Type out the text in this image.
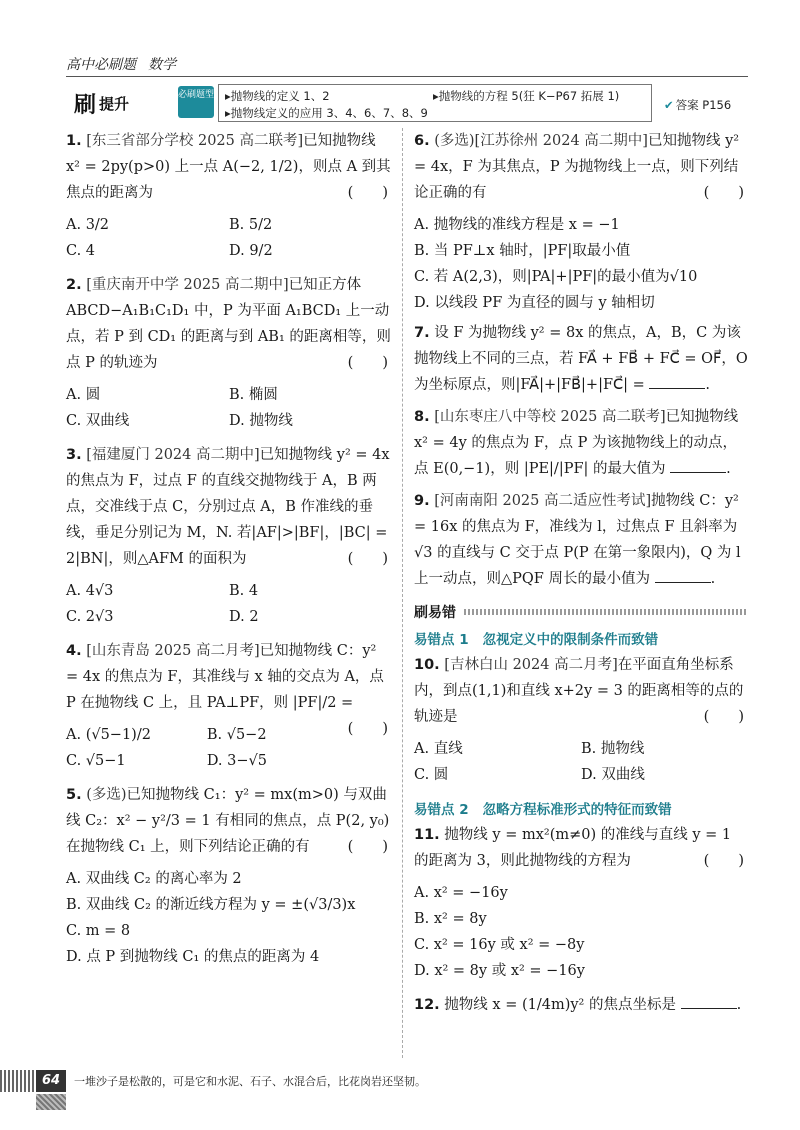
高中必刷题 数学
刷 提升	必刷题型 ▸抛物线的定义 1、2	▸抛物线的方程 5(狂 K−P67 拓展 1)
▸抛物线定义的应用 3、4、6、7、8、9
✔ 答案 P156
1. [东三省部分学校 2025 高二联考]已知抛物线 x² = 2py(p>0) 上一点 A(−2, 1/2)，则点 A 到其焦点的距离为	(　　)
A. 3/2	B. 5/2
C. 4	D. 9/2
2. [重庆南开中学 2025 高二期中]已知正方体 ABCD−A₁B₁C₁D₁ 中，P 为平面 A₁BCD₁ 上一动点，若 P 到 CD₁ 的距离与到 AB₁ 的距离相等，则点 P 的轨迹为	(　　)
A. 圆	B. 椭圆
C. 双曲线	D. 抛物线
3. [福建厦门 2024 高二期中]已知抛物线 y² = 4x 的焦点为 F，过点 F 的直线交抛物线于 A，B 两点，交准线于点 C，分别过点 A，B 作准线的垂线，垂足分别记为 M，N. 若|AF|>|BF|，|BC| = 2|BN|，则△AFM 的面积为	(　　)
A. 4√3	B. 4
C. 2√3	D. 2
4. [山东青岛 2025 高二月考]已知抛物线 C：y² = 4x 的焦点为 F，其准线与 x 轴的交点为 A，点 P 在抛物线 C 上，且 PA⊥PF，则 |PF|/2 =
(　　)
A. (√5−1)/2	B. √5−2
C. √5−1	D. 3−√5
5. (多选)已知抛物线 C₁：y² = mx(m>0) 与双曲线 C₂：x² − y²/3 = 1 有相同的焦点，点 P(2, y₀) 在抛物线 C₁ 上，则下列结论正确的有	(　　)
A. 双曲线 C₂ 的离心率为 2
B. 双曲线 C₂ 的渐近线方程为 y = ±(√3/3)x
C. m = 8
D. 点 P 到抛物线 C₁ 的焦点的距离为 4
6. (多选)[江苏徐州 2024 高二期中]已知抛物线 y² = 4x，F 为其焦点，P 为抛物线上一点，则下列结论正确的有	(　　)
A. 抛物线的准线方程是 x = −1
B. 当 PF⊥x 轴时，|PF|取最小值
C. 若 A(2,3)，则|PA|+|PF|的最小值为√10
D. 以线段 PF 为直径的圆与 y 轴相切
7. 设 F 为抛物线 y² = 8x 的焦点，A，B，C 为该抛物线上不同的三点，若 FA⃗ + FB⃗ + FC⃗ = OF⃗，O 为坐标原点，则|FA⃗|+|FB⃗|+|FC⃗| =	.
8. [山东枣庄八中等校 2025 高二联考]已知抛物线 x² = 4y 的焦点为 F，点 P 为该抛物线上的动点，点 E(0,−1)，则 |PE|/|PF| 的最大值为	.
9. [河南南阳 2025 高二适应性考试]抛物线 C：y² = 16x 的焦点为 F，准线为 l，过焦点 F 且斜率为√3 的直线与 C 交于点 P(P 在第一象限内)，Q 为 l 上一动点，则△PQF 周长的最小值为	.
刷易错
易错点 1 忽视定义中的限制条件而致错
10. [吉林白山 2024 高二月考]在平面直角坐标系内，到点(1,1)和直线 x+2y = 3 的距离相等的点的轨迹是	(　　)
A. 直线	B. 抛物线
C. 圆	D. 双曲线
易错点 2 忽略方程标准形式的特征而致错
11. 抛物线 y = mx²(m≠0) 的准线与直线 y = 1 的距离为 3，则此抛物线的方程为	(　　)
A. x² = −16y
B. x² = 8y
C. x² = 16y 或 x² = −8y
D. x² = 8y 或 x² = −16y
12. 抛物线 x = (1/4m)y² 的焦点坐标是	.
64	一堆沙子是松散的，可是它和水泥、石子、水混合后，比花岗岩还坚韧。
